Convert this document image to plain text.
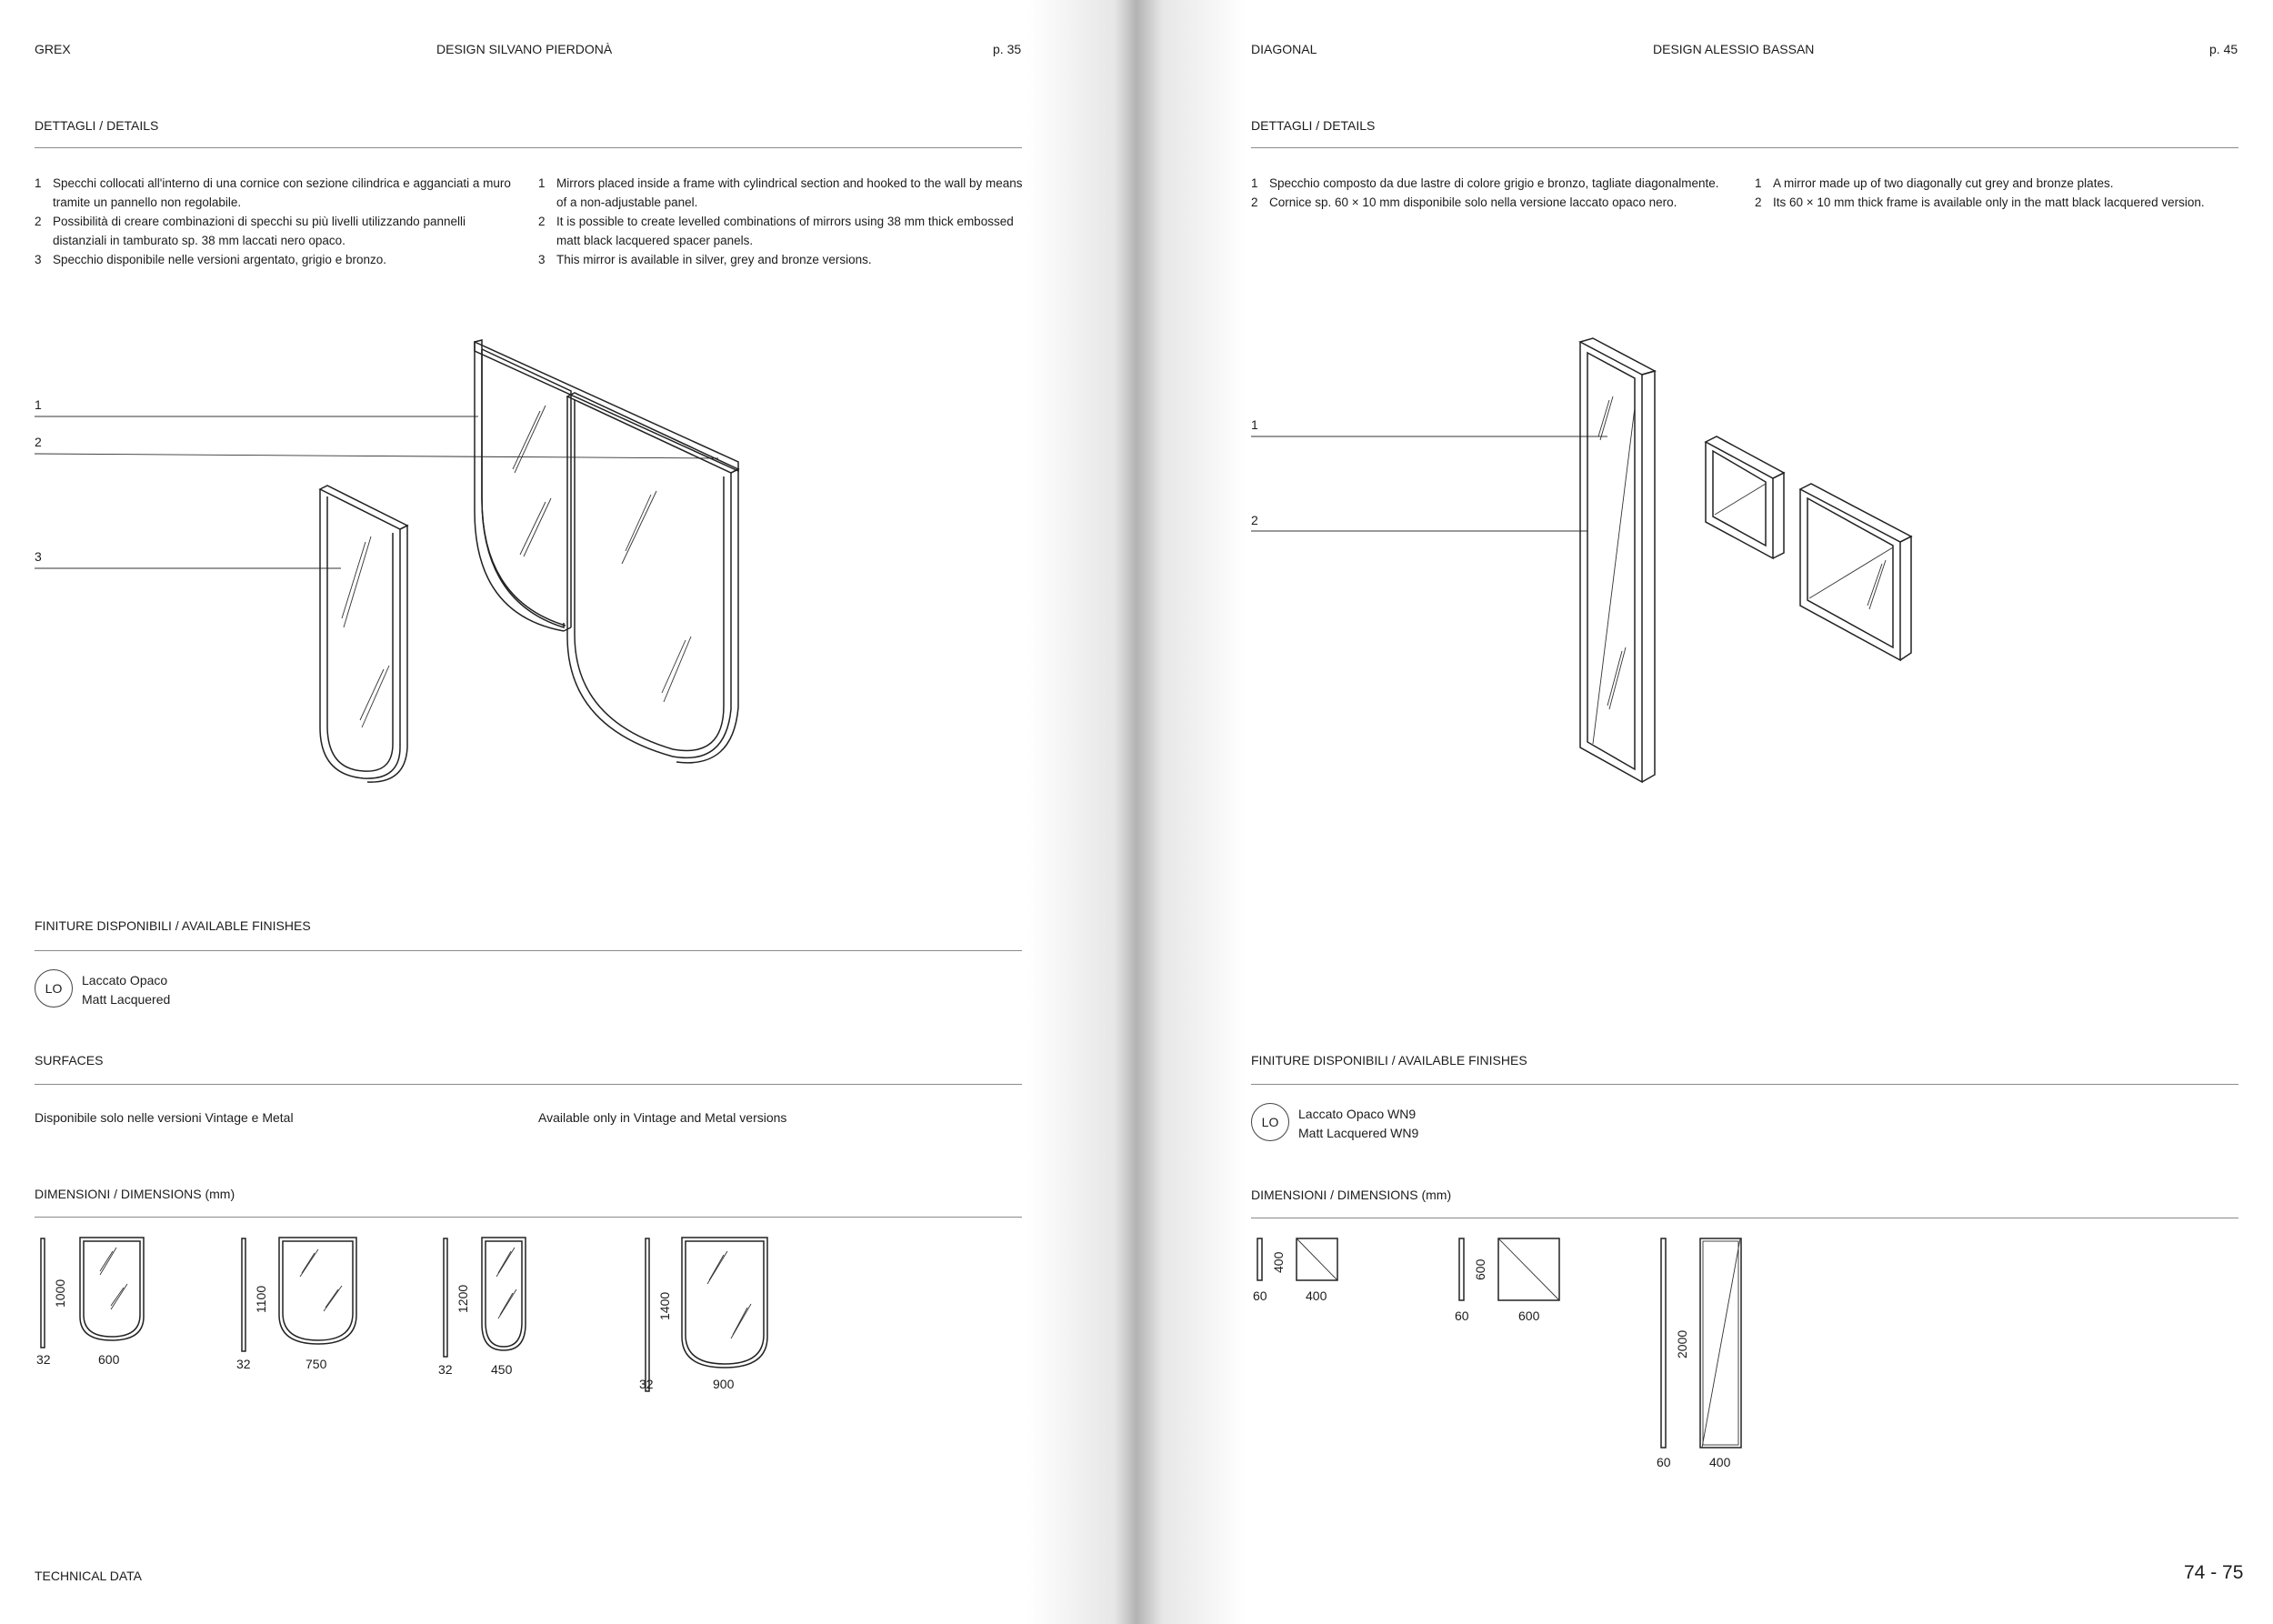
GREX	DESIGN SILVANO PIERDONÀ	p. 35
DETTAGLI / DETAILS
1 Specchi collocati all'interno di una cornice con sezione cilindrica e agganciati a muro tramite un pannello non regolabile.
2 Possibilità di creare combinazioni di specchi su più livelli utilizzando pannelli distanziali in tamburato sp. 38 mm laccati nero opaco.
3 Specchio disponibile nelle versioni argentato, grigio e bronzo.
1 Mirrors placed inside a frame with cylindrical section and hooked to the wall by means of a non-adjustable panel.
2 It is possible to create levelled combinations of mirrors using 38 mm thick embossed matt black lacquered spacer panels.
3 This mirror is available in silver, grey and bronze versions.
1
2
3
FINITURE DISPONIBILI / AVAILABLE FINISHES
LO
Laccato Opaco
Matt Lacquered
SURFACES
Disponibile solo nelle versioni Vintage e Metal	Available only in Vintage and Metal versions
DIMENSIONI / DIMENSIONS (mm)
1000
32	600
1100
32	750
1200
32	450
1400
32	900
TECHNICAL DATA
DIAGONAL	DESIGN ALESSIO BASSAN	p. 45
DETTAGLI / DETAILS
1 Specchio composto da due lastre di colore grigio e bronzo, tagliate diagonalmente.
2 Cornice sp. 60 × 10 mm disponibile solo nella versione laccato opaco nero.
1 A mirror made up of two diagonally cut grey and bronze plates.
2 Its 60 × 10 mm thick frame is available only in the matt black lacquered version.
1
2
FINITURE DISPONIBILI / AVAILABLE FINISHES
LO
Laccato Opaco WN9
Matt Lacquered WN9
DIMENSIONI / DIMENSIONS (mm)
400
60	400
600
60	600
2000
60	400
74 - 75
